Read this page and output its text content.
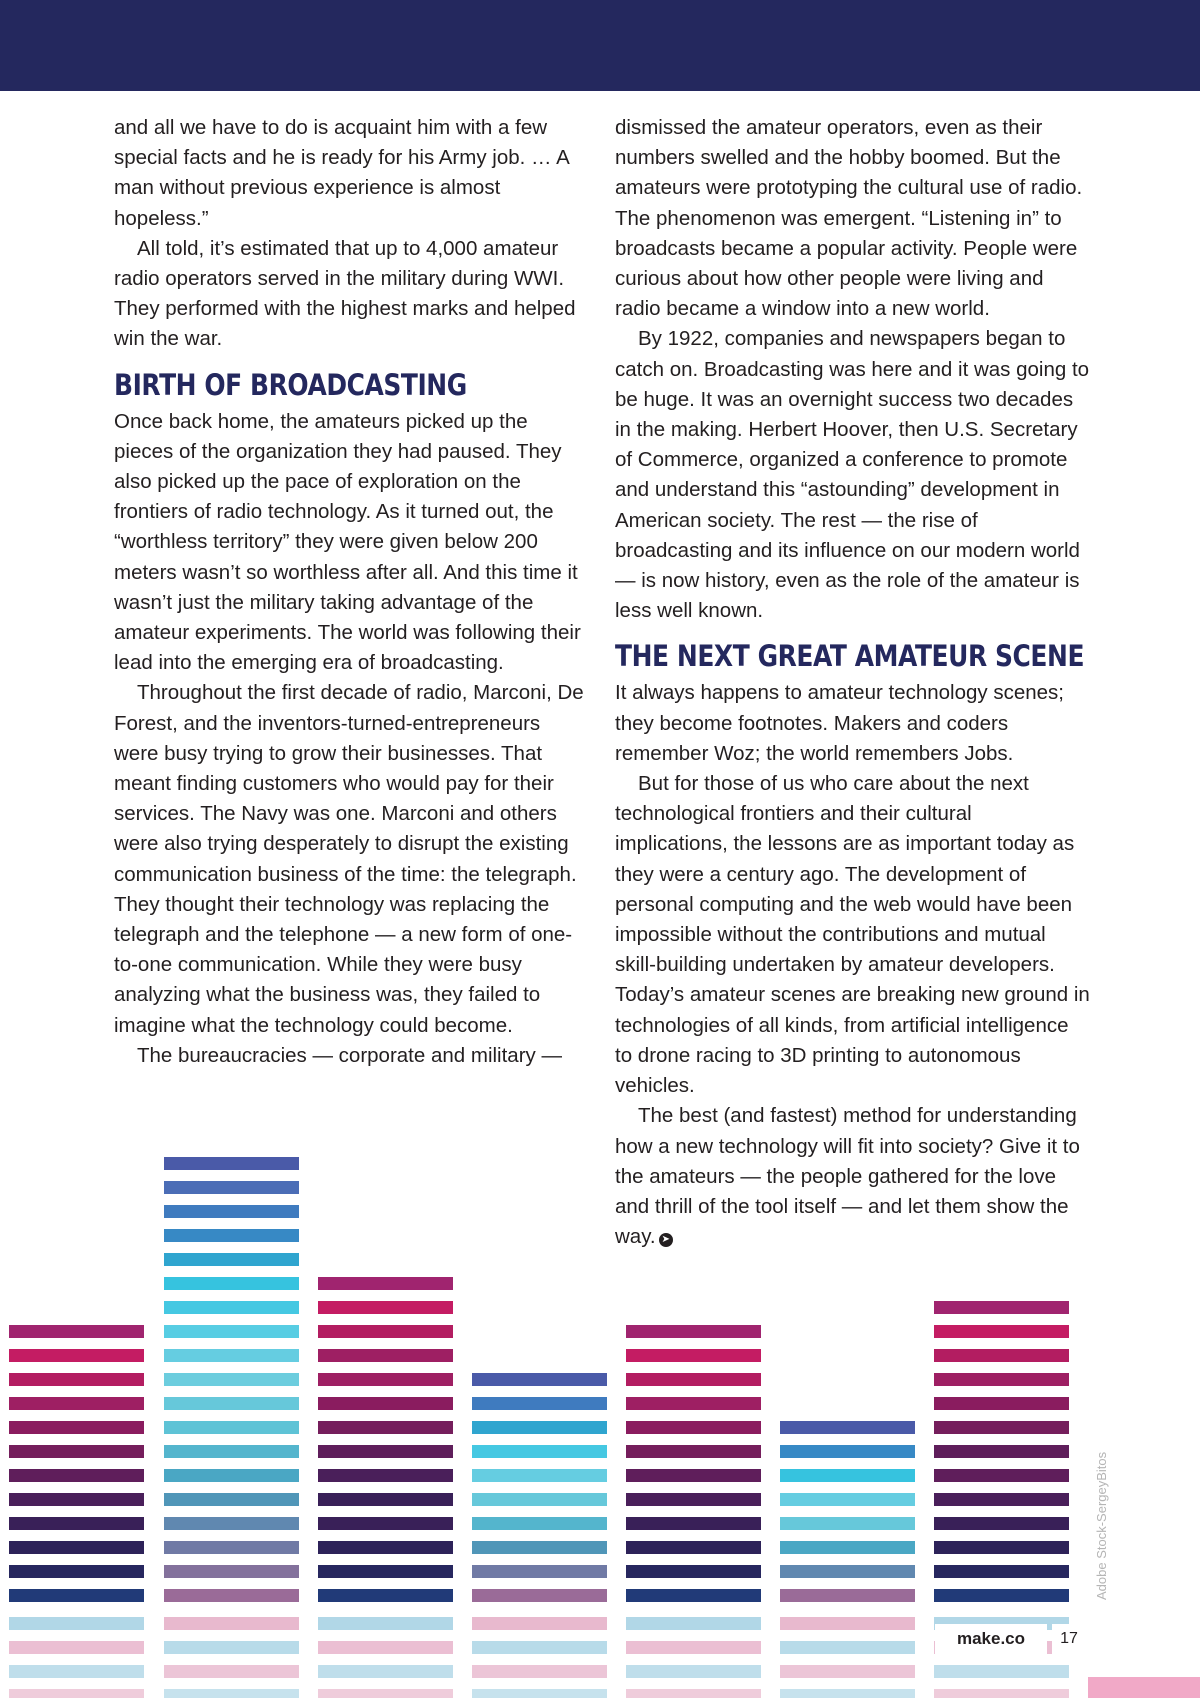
and all we have to do is acquaint him with a few special facts and he is ready for his Army job. … A man without previous experience is almost hopeless.”

All told, it’s estimated that up to 4,000 amateur radio operators served in the military during WWI. They performed with the highest marks and helped win the war.

BIRTH OF BROADCASTING

Once back home, the amateurs picked up the pieces of the organization they had paused. They also picked up the pace of exploration on the frontiers of radio technology. As it turned out, the “worthless territory” they were given below 200 meters wasn’t so worthless after all. And this time it wasn’t just the military taking advantage of the amateur experiments. The world was following their lead into the emerging era of broadcasting.

Throughout the first decade of radio, Marconi, De Forest, and the inventors-turned-entrepreneurs were busy trying to grow their businesses. That meant finding customers who would pay for their services. The Navy was one. Marconi and others were also trying desperately to disrupt the existing communication business of the time: the telegraph. They thought their technology was replacing the telegraph and the telephone — a new form of one-to-one communication. While they were busy analyzing what the business was, they failed to imagine what the technology could become.

The bureaucracies — corporate and military —

dismissed the amateur operators, even as their numbers swelled and the hobby boomed. But the amateurs were prototyping the cultural use of radio. The phenomenon was emergent. “Listening in” to broadcasts became a popular activity. People were curious about how other people were living and radio became a window into a new world.

By 1922, companies and newspapers began to catch on. Broadcasting was here and it was going to be huge. It was an overnight success two decades in the making. Herbert Hoover, then U.S. Secretary of Commerce, organized a conference to promote and understand this “astounding” development in American society. The rest — the rise of broadcasting and its influence on our modern world — is now history, even as the role of the amateur is less well known.

THE NEXT GREAT AMATEUR SCENE

It always happens to amateur technology scenes; they become footnotes. Makers and coders remember Woz; the world remembers Jobs.

But for those of us who care about the next technological frontiers and their cultural implications, the lessons are as important today as they were a century ago. The development of personal computing and the web would have been impossible without the contributions and mutual skill-building undertaken by amateur developers. Today’s amateur scenes are breaking new ground in technologies of all kinds, from artificial intelligence to drone racing to 3D printing to autonomous vehicles.

The best (and fastest) method for understanding how a new technology will fit into society? Give it to the amateurs — the people gathered for the love and thrill of the tool itself — and let them show the way. ➤

Adobe Stock-SergeyBitos
make.co	17
